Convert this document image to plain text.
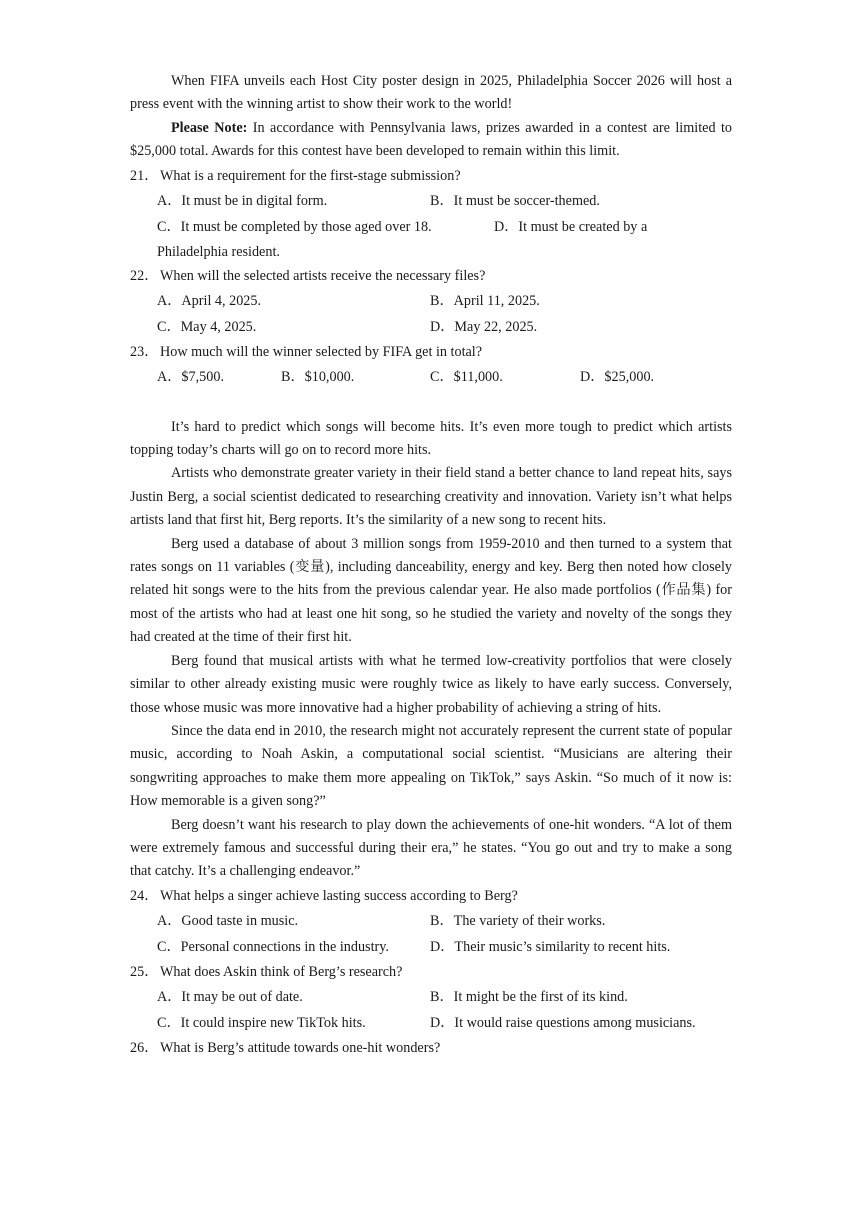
When FIFA unveils each Host City poster design in 2025, Philadelphia Soccer 2026 will host a press event with the winning artist to show their work to the world!

Please Note: In accordance with Pennsylvania laws, prizes awarded in a contest are limited to $25,000 total. Awards for this contest have been developed to remain within this limit.

21． What is a requirement for the first-stage submission?
A．It must be in digital form.	B．It must be soccer-themed.
C．It must be completed by those aged over 18.	D．It must be created by a
Philadelphia resident.
22． When will the selected artists receive the necessary files?
A．April 4, 2025.	B．April 11, 2025.
C．May 4, 2025.	D．May 22, 2025.
23． How much will the winner selected by FIFA get in total?
A．$7,500.	B．$10,000.	C．$11,000.	D．$25,000.

It’s hard to predict which songs will become hits. It’s even more tough to predict which artists topping today’s charts will go on to record more hits.

Artists who demonstrate greater variety in their field stand a better chance to land repeat hits, says Justin Berg, a social scientist dedicated to researching creativity and innovation. Variety isn’t what helps artists land that first hit, Berg reports. It’s the similarity of a new song to recent hits.

Berg used a database of about 3 million songs from 1959-2010 and then turned to a system that rates songs on 11 variables (变量), including danceability, energy and key. Berg then noted how closely related hit songs were to the hits from the previous calendar year. He also made portfolios (作品集) for most of the artists who had at least one hit song, so he studied the variety and novelty of the songs they had created at the time of their first hit.

Berg found that musical artists with what he termed low-creativity portfolios that were closely similar to other already existing music were roughly twice as likely to have early success. Conversely, those whose music was more innovative had a higher probability of achieving a string of hits.

Since the data end in 2010, the research might not accurately represent the current state of popular music, according to Noah Askin, a computational social scientist. “Musicians are altering their songwriting approaches to make them more appealing on TikTok,” says Askin. “So much of it now is: How memorable is a given song?”

Berg doesn’t want his research to play down the achievements of one-hit wonders. “A lot of them were extremely famous and successful during their era,” he states. “You go out and try to make a song that catchy. It’s a challenging endeavor.”

24． What helps a singer achieve lasting success according to Berg?
A．Good taste in music.	B．The variety of their works.
C．Personal connections in the industry.	D．Their music’s similarity to recent hits.
25． What does Askin think of Berg’s research?
A．It may be out of date.	B．It might be the first of its kind.
C．It could inspire new TikTok hits.	D．It would raise questions among musicians.
26． What is Berg’s attitude towards one-hit wonders?
